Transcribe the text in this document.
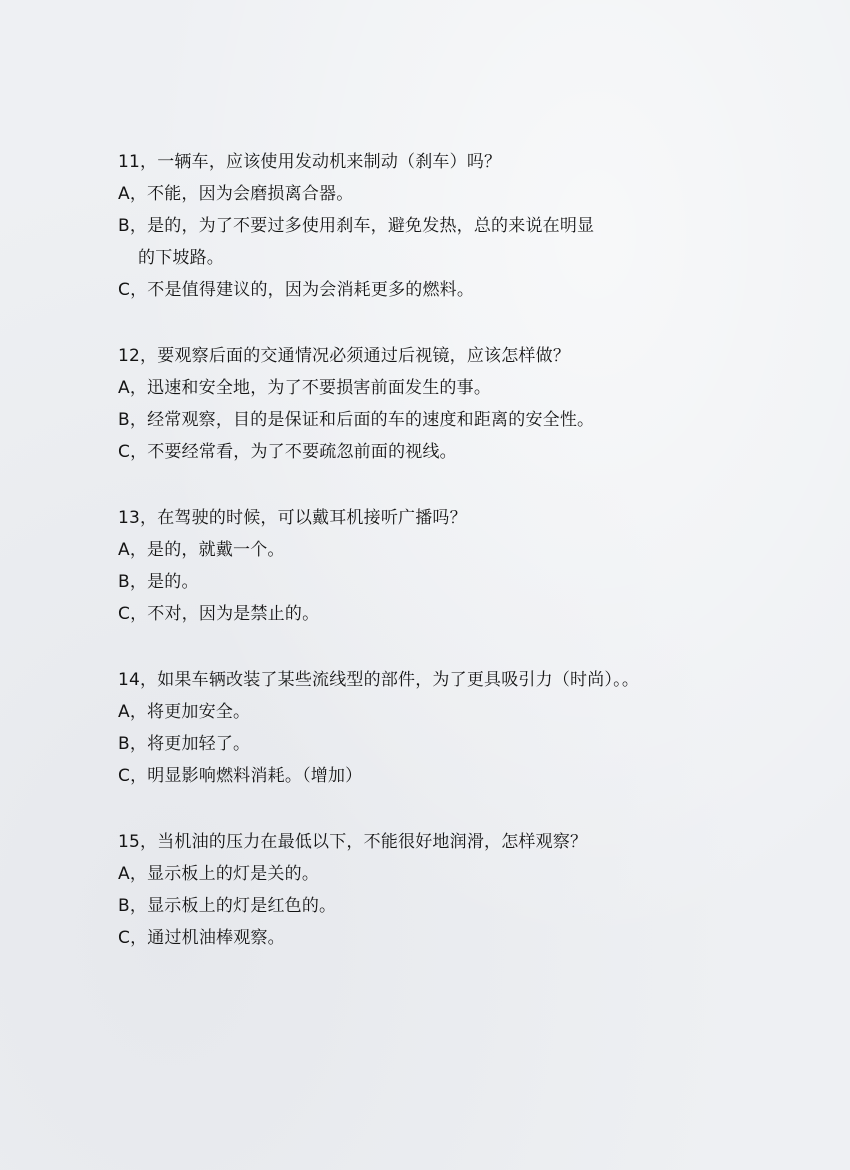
11，一辆车，应该使用发动机来制动（刹车）吗？
A，不能，因为会磨损离合器。
B，是的，为了不要过多使用刹车，避免发热，总的来说在明显
的下坡路。
C，不是值得建议的，因为会消耗更多的燃料。
12，要观察后面的交通情况必须通过后视镜，应该怎样做？
A，迅速和安全地，为了不要损害前面发生的事。
B，经常观察，目的是保证和后面的车的速度和距离的安全性。
C，不要经常看，为了不要疏忽前面的视线。
13，在驾驶的时候，可以戴耳机接听广播吗？
A，是的，就戴一个。
B，是的。
C，不对，因为是禁止的。
14，如果车辆改装了某些流线型的部件，为了更具吸引力（时尚）。。
A，将更加安全。
B，将更加轻了。
C，明显影响燃料消耗。（增加）
15，当机油的压力在最低以下，不能很好地润滑，怎样观察？
A，显示板上的灯是关的。
B，显示板上的灯是红色的。
C，通过机油棒观察。
